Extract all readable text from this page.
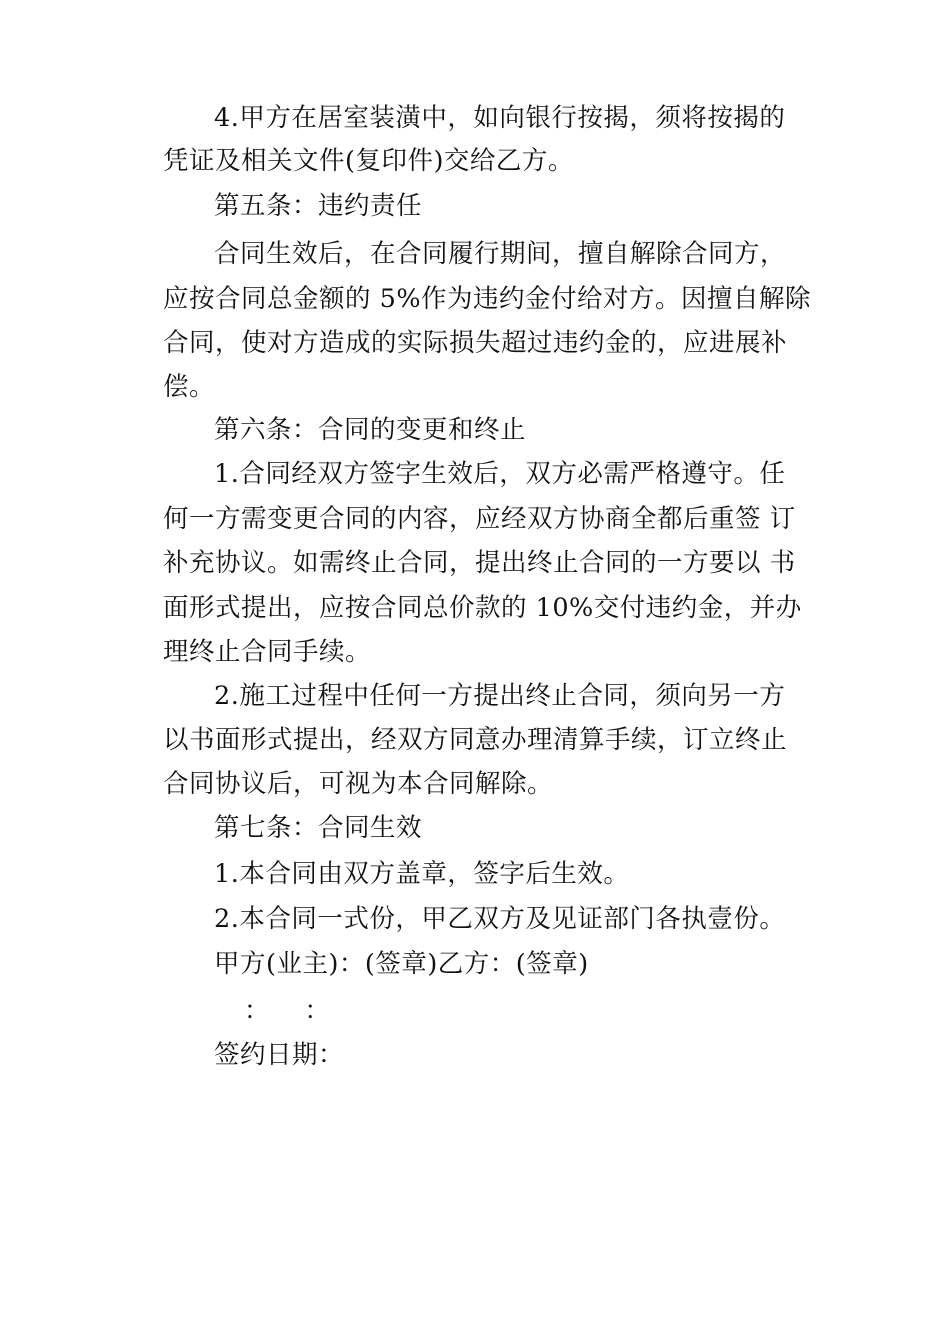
4.甲方在居室装潢中，如向银行按揭，须将按揭的
凭证及相关文件(复印件)交给乙方。
第五条：违约责任
合同生效后，在合同履行期间，擅自解除合同方，
应按合同总金额的 5%作为违约金付给对方。因擅自解除
合同，使对方造成的实际损失超过违约金的，应进展补
偿。
第六条：合同的变更和终止
1.合同经双方签字生效后，双方必需严格遵守。任
何一方需变更合同的内容，应经双方协商全都后重签 订
补充协议。如需终止合同，提出终止合同的一方要以 书
面形式提出，应按合同总价款的 10%交付违约金，并办
理终止合同手续。
2.施工过程中任何一方提出终止合同，须向另一方
以书面形式提出，经双方同意办理清算手续，订立终止
合同协议后，可视为本合同解除。
第七条：合同生效
1.本合同由双方盖章，签字后生效。
2.本合同一式份，甲乙双方及见证部门各执壹份。
甲方(业主)：(签章)乙方：(签章)
：    ：
签约日期：
